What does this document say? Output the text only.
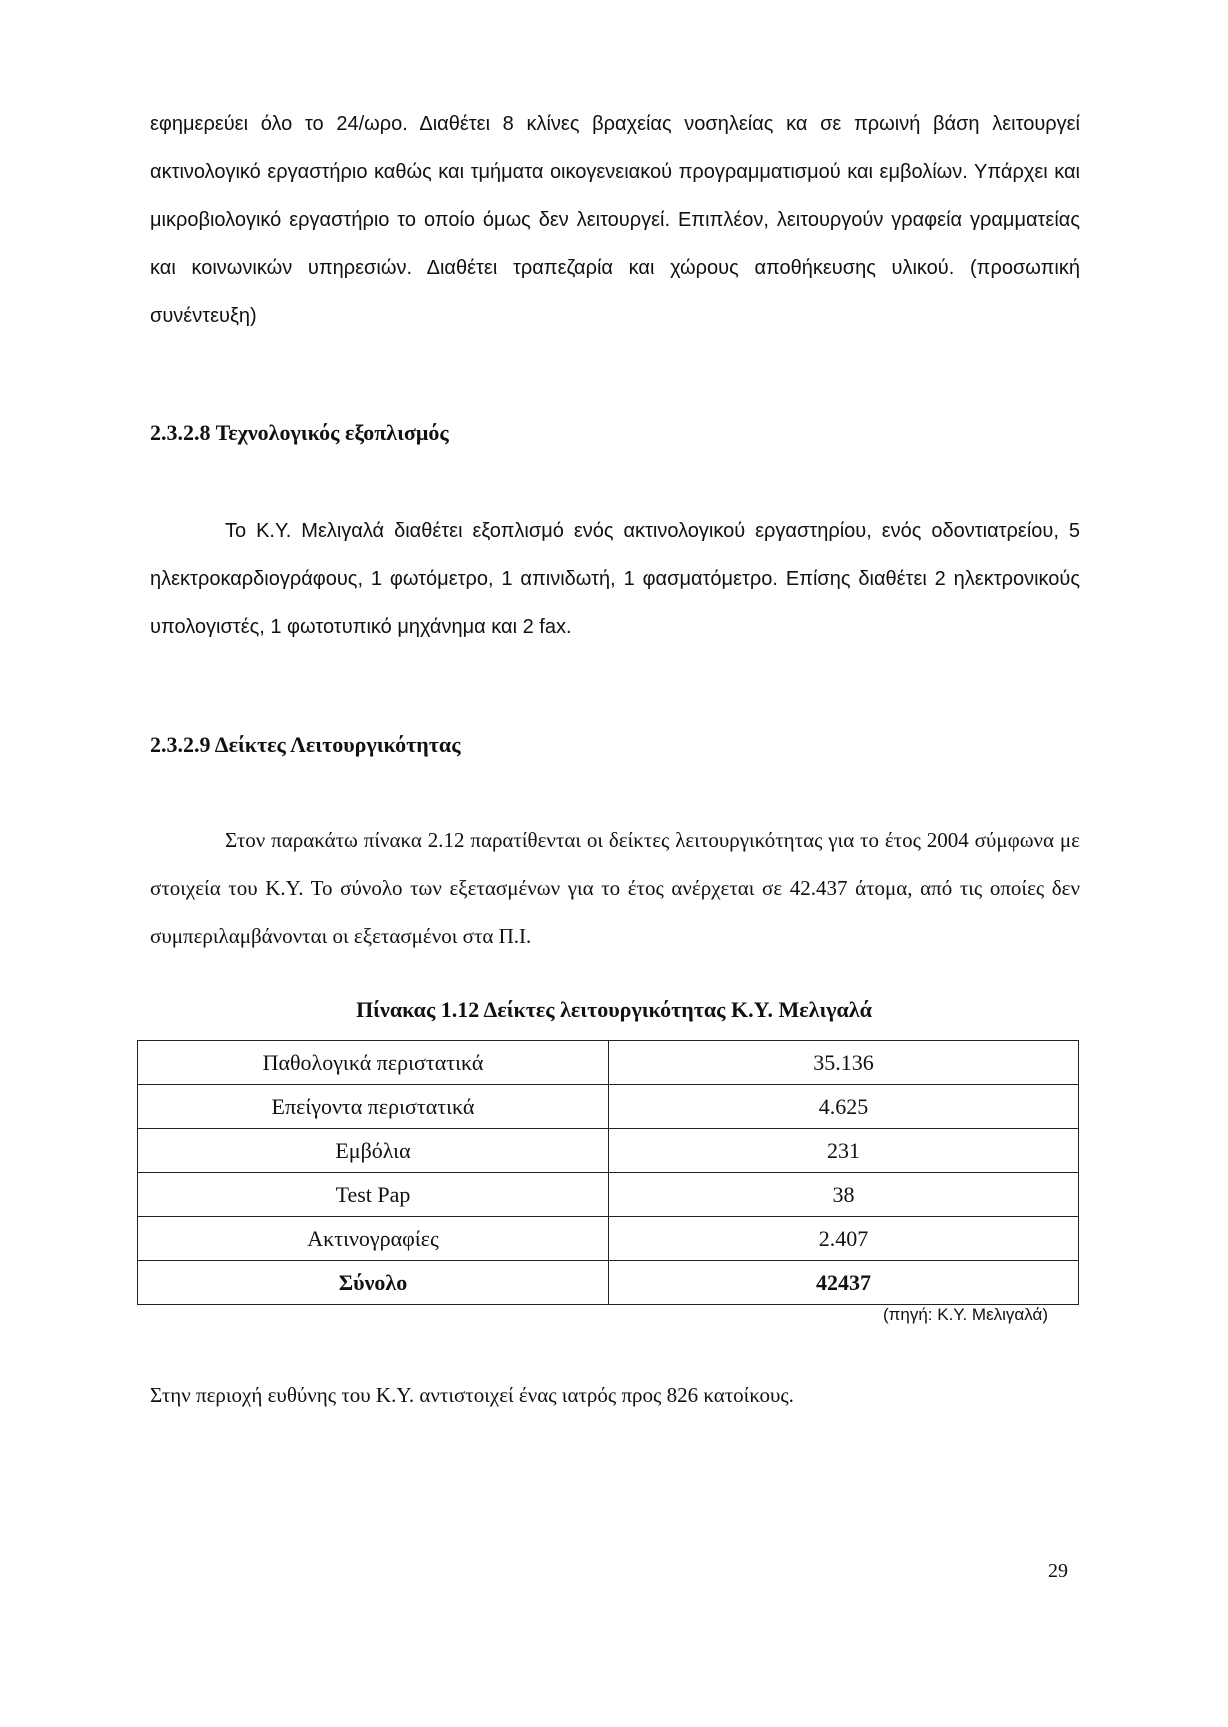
εφημερεύει όλο το 24/ωρο. Διαθέτει 8 κλίνες βραχείας νοσηλείας κα σε πρωινή βάση λειτουργεί ακτινολογικό εργαστήριο καθώς και τμήματα οικογενειακού προγραμματισμού και εμβολίων. Υπάρχει και μικροβιολογικό εργαστήριο το οποίο όμως δεν λειτουργεί. Επιπλέον, λειτουργούν γραφεία γραμματείας και κοινωνικών υπηρεσιών. Διαθέτει τραπεζαρία και χώρους αποθήκευσης υλικού. (προσωπική συνέντευξη)

2.3.2.8 Τεχνολογικός εξοπλισμός

Το Κ.Υ. Μελιγαλά διαθέτει εξοπλισμό ενός ακτινολογικού εργαστηρίου, ενός οδοντιατρείου, 5 ηλεκτροκαρδιογράφους, 1 φωτόμετρο, 1 απινιδωτή, 1 φασματόμετρο. Επίσης διαθέτει 2 ηλεκτρονικούς υπολογιστές, 1 φωτοτυπικό μηχάνημα και 2 fax.

2.3.2.9 Δείκτες Λειτουργικότητας

Στον παρακάτω πίνακα 2.12 παρατίθενται οι δείκτες λειτουργικότητας για το έτος 2004 σύμφωνα με στοιχεία του Κ.Υ. Το σύνολο των εξετασμένων για το έτος ανέρχεται σε 42.437 άτομα, από τις οποίες δεν συμπεριλαμβάνονται οι εξετασμένοι στα Π.Ι.

Πίνακας 1.12 Δείκτες λειτουργικότητας Κ.Υ. Μελιγαλά

Παθολογικά περιστατικά	35.136
Επείγοντα περιστατικά	4.625
Εμβόλια	231
Test Pap	38
Ακτινογραφίες	2.407
Σύνολο	42437

(πηγή: Κ.Υ. Μελιγαλά)

Στην περιοχή ευθύνης του Κ.Υ. αντιστοιχεί ένας ιατρός προς 826 κατοίκους.

29
